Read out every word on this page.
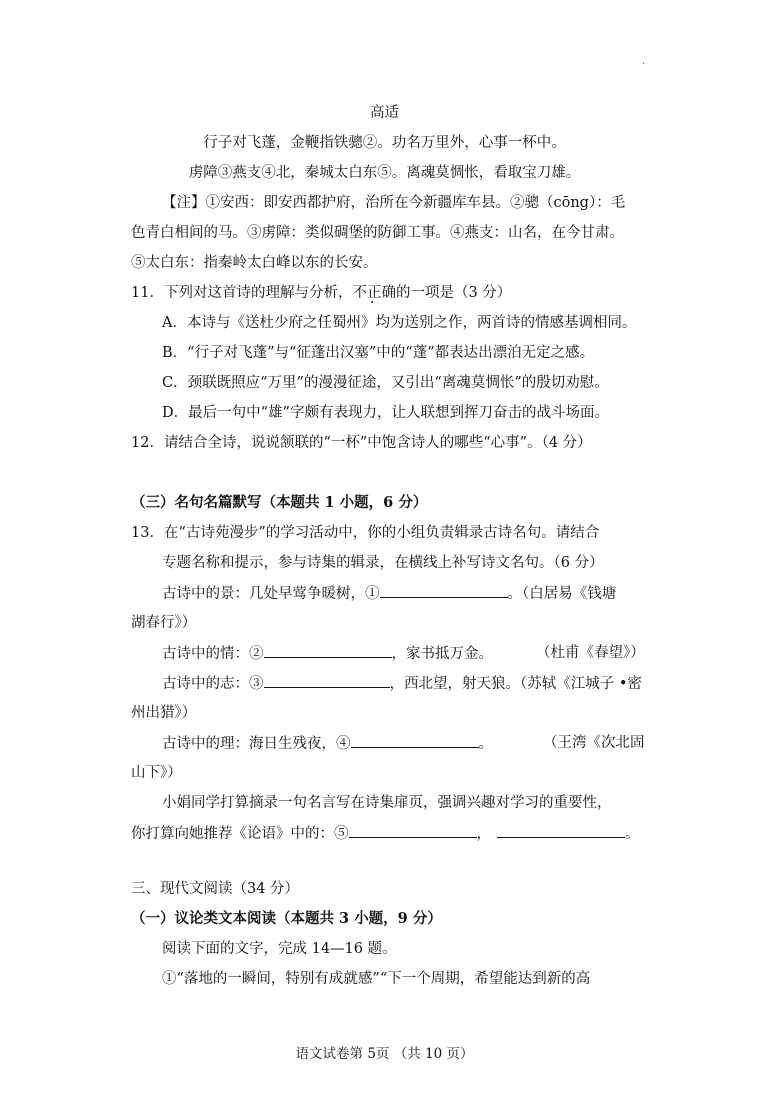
.
高适
行子对飞蓬，金鞭指铁骢②。功名万里外，心事一杯中。
虏障③燕支④北，秦城太白东⑤。离魂莫惆怅，看取宝刀雄。
【注】①安西：即安西都护府，治所在今新疆库车县。②骢（cōng）：毛
色青白相间的马。③虏障：类似碉堡的防御工事。④燕支：山名，在今甘肃。
⑤太白东：指秦岭太白峰以东的长安。
11．下列对这首诗的理解与分析，不正确的一项是（3 分）
A．本诗与《送杜少府之任蜀州》均为送别之作，两首诗的情感基调相同。
B．“行子对飞蓬”与“征蓬出汉塞”中的“蓬”都表达出漂泊无定之感。
C．颈联既照应“万里”的漫漫征途，又引出“离魂莫惆怅”的殷切劝慰。
D．最后一句中“雄”字颇有表现力，让人联想到挥刀奋击的战斗场面。
12．请结合全诗，说说颔联的“一杯”中饱含诗人的哪些“心事”。（4 分）
（三）名句名篇默写（本题共 1 小题，6 分）
13．在“古诗苑漫步”的学习活动中，你的小组负责辑录古诗名句。请结合
专题名称和提示，参与诗集的辑录，在横线上补写诗文名句。（6 分）
古诗中的景：几处早莺争暖树，①	。（白居易《钱塘
湖春行》）
古诗中的情：②	，家书抵万金。	（杜甫《春望》）
古诗中的志：③	，西北望，射天狼。（苏轼《江城子 •密
州出猎》）
古诗中的理：海日生残夜，④	。	（王湾《次北固
山下》）
小娟同学打算摘录一句名言写在诗集扉页，强调兴趣对学习的重要性，
你打算向她推荐《论语》中的：⑤	，	。
三、现代文阅读（34 分）
（一）议论类文本阅读（本题共 3 小题，9 分）
阅读下面的文字，完成 14—16 题。
①“落地的一瞬间，特别有成就感”“下一个周期，希望能达到新的高
语文试卷第 5页 （共 10 页）
